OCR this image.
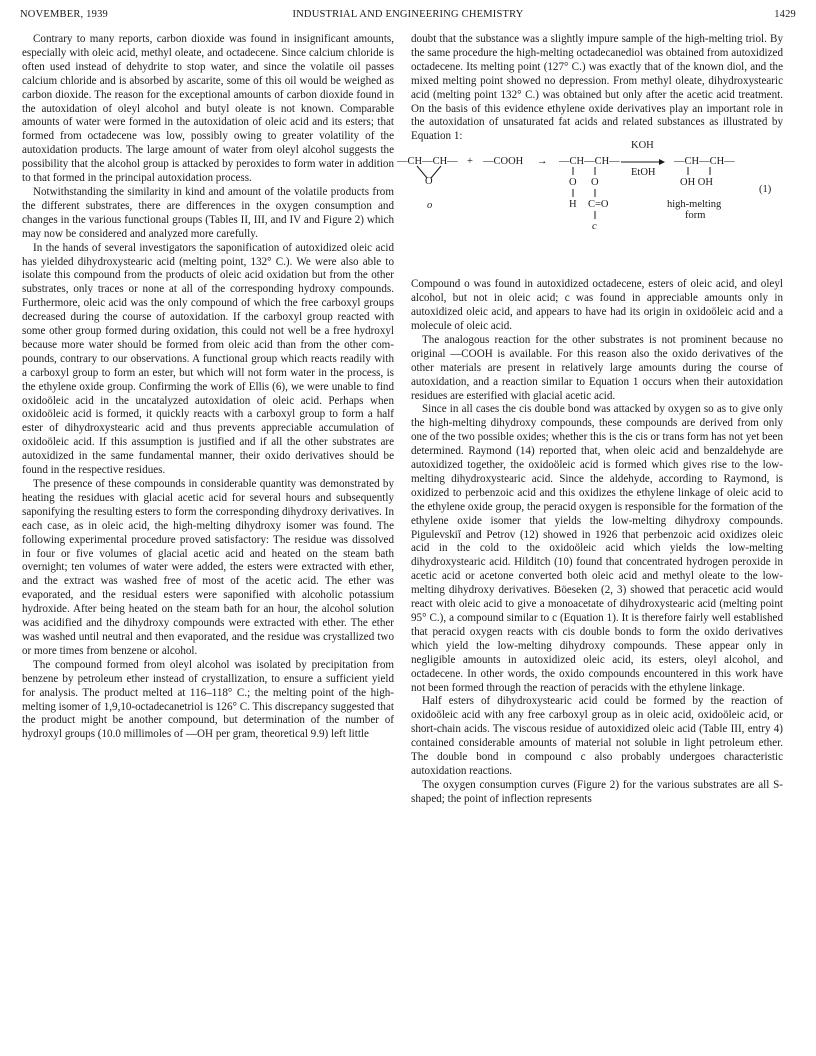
NOVEMBER, 1939	INDUSTRIAL AND ENGINEERING CHEMISTRY	1429

Contrary to many reports, carbon dioxide was found in insignificant amounts, especially with oleic acid, methyl oleate, and octadecene. Since calcium chloride is often used instead of dehydrite to stop water, and since the volatile oil passes calcium chloride and is absorbed by ascarite, some of this oil would be weighed as carbon dioxide. The reason for the exceptional amounts of carbon dioxide found in the autoxidation of oleyl alcohol and butyl oleate is not known. Comparable amounts of water were formed in the autoxidation of oleic acid and its esters; that formed from octadecene was low, possibly owing to greater volatility of the autoxidation products. The large amount of water from oleyl alcohol suggests the possibility that the alcohol group is attacked by peroxides to form water in addition to that formed in the principal autoxidation process.

Notwithstanding the similarity in kind and amount of the volatile products from the different substrates, there are differences in the oxygen consumption and changes in the various functional groups (Tables II, III, and IV and Figure 2) which may now be considered and analyzed more carefully.

In the hands of several investigators the saponification of autoxidized oleic acid has yielded dihydroxystearic acid (melting point, 132° C.). We were also able to isolate this compound from the products of oleic acid oxidation but from the other substrates, only traces or none at all of the corresponding hydroxy compounds. Furthermore, oleic acid was the only compound of which the free carboxyl groups decreased during the course of autoxidation. If the carboxyl group reacted with some other group formed during oxidation, this could not well be a free hydroxyl because more water should be formed from oleic acid than from the other compounds, contrary to our observations. A functional group which reacts readily with a carboxyl group to form an ester, but which will not form water in the process, is the ethylene oxide group. Confirming the work of Ellis (6), we were unable to find oxidoöleic acid in the uncatalyzed autoxidation of oleic acid. Perhaps when oxidoöleic acid is formed, it quickly reacts with a carboxyl group to form a half ester of dihydroxystearic acid and thus prevents appreciable accumulation of oxidoöleic acid. If this assumption is justified and if all the other substrates are autoxidized in the same fundamental manner, their oxido derivatives should be found in the respective residues.

The presence of these compounds in considerable quantity was demonstrated by heating the residues with glacial acetic acid for several hours and subsequently saponifying the resulting esters to form the corresponding dihydroxy derivatives. In each case, as in oleic acid, the high-melting dihydroxy isomer was found. The following experimental procedure proved satisfactory: The residue was dissolved in four or five volumes of glacial acetic acid and heated on the steam bath overnight; ten volumes of water were added, the esters were extracted with ether, and the extract was washed free of most of the acetic acid. The ether was evaporated, and the residual esters were saponified with alcoholic potassium hydroxide. After being heated on the steam bath for an hour, the alcohol solution was acidified and the dihydroxy compounds were extracted with ether. The ether was washed until neutral and then evaporated, and the residue was crystallized two or more times from benzene or alcohol.

The compound formed from oleyl alcohol was isolated by precipitation from benzene by petroleum ether instead of crystallization, to ensure a sufficient yield for analysis. The product melted at 116–118° C.; the melting point of the high-melting isomer of 1,9,10-octadecanetriol is 126° C. This discrepancy suggested that the product might be another compound, but determination of the number of hydroxyl groups (10.0 millimoles of —OH per gram, theoretical 9.9) left little

doubt that the substance was a slightly impure sample of the high-melting triol. By the same procedure the high-melting octadecanediol was obtained from autoxidized octadecene. Its melting point (127° C.) was exactly that of the known diol, and the mixed melting point showed no depression. From methyl oleate, dihydroxystearic acid (melting point 132° C.) was obtained but only after the acetic acid treatment. On the basis of this evidence ethylene oxide derivatives play an important role in the autoxidation of unsaturated fat acids and related substances as illustrated by Equation 1:

KOH
—CH—CH— + —COOH → —CH—CH—	—CH—CH—
EtOH
O	O O	OH OH
(1)
o	H C=O	high-melting
form
c

Compound o was found in autoxidized octadecene, esters of oleic acid, and oleyl alcohol, but not in oleic acid; c was found in appreciable amounts only in autoxidized oleic acid, and appears to have had its origin in oxidoöleic acid and a molecule of oleic acid.

The analogous reaction for the other substrates is not prominent because no original —COOH is available. For this reason also the oxido derivatives of the other materials are present in relatively large amounts during the course of autoxidation, and a reaction similar to Equation 1 occurs when their autoxidation residues are esterified with glacial acetic acid.

Since in all cases the cis double bond was attacked by oxygen so as to give only the high-melting dihydroxy compounds, these compounds are derived from only one of the two possible oxides; whether this is the cis or trans form has not yet been determined. Raymond (14) reported that, when oleic acid and benzaldehyde are autoxidized together, the oxidoöleic acid is formed which gives rise to the low-melting dihydroxystearic acid. Since the aldehyde, according to Raymond, is oxidized to perbenzoic acid and this oxidizes the ethylene linkage of oleic acid to the ethylene oxide group, the peracid oxygen is responsible for the formation of the ethylene oxide isomer that yields the low-melting dihydroxy compounds. Pigulevskiĭ and Petrov (12) showed in 1926 that perbenzoic acid oxidizes oleic acid in the cold to the oxidoöleic acid which yields the low-melting dihydroxystearic acid. Hilditch (10) found that concentrated hydrogen peroxide in acetic acid or acetone converted both oleic acid and methyl oleate to the low-melting dihydroxy derivatives. Böeseken (2, 3) showed that peracetic acid would react with oleic acid to give a monoacetate of dihydroxystearic acid (melting point 95° C.), a compound similar to c (Equation 1). It is therefore fairly well established that peracid oxygen reacts with cis double bonds to form the oxido derivatives which yield the low-melting dihydroxy compounds. These appear only in negligible amounts in autoxidized oleic acid, its esters, oleyl alcohol, and octadecene. In other words, the oxido compounds encountered in this work have not been formed through the reaction of peracids with the ethylene linkage.

Half esters of dihydroxystearic acid could be formed by the reaction of oxidoöleic acid with any free carboxyl group as in oleic acid, oxidoöleic acid, or short-chain acids. The viscous residue of autoxidized oleic acid (Table III, entry 4) contained considerable amounts of material not soluble in light petroleum ether. The double bond in compound c also probably undergoes characteristic autoxidation reactions.

The oxygen consumption curves (Figure 2) for the various substrates are all S-shaped; the point of inflection represents
